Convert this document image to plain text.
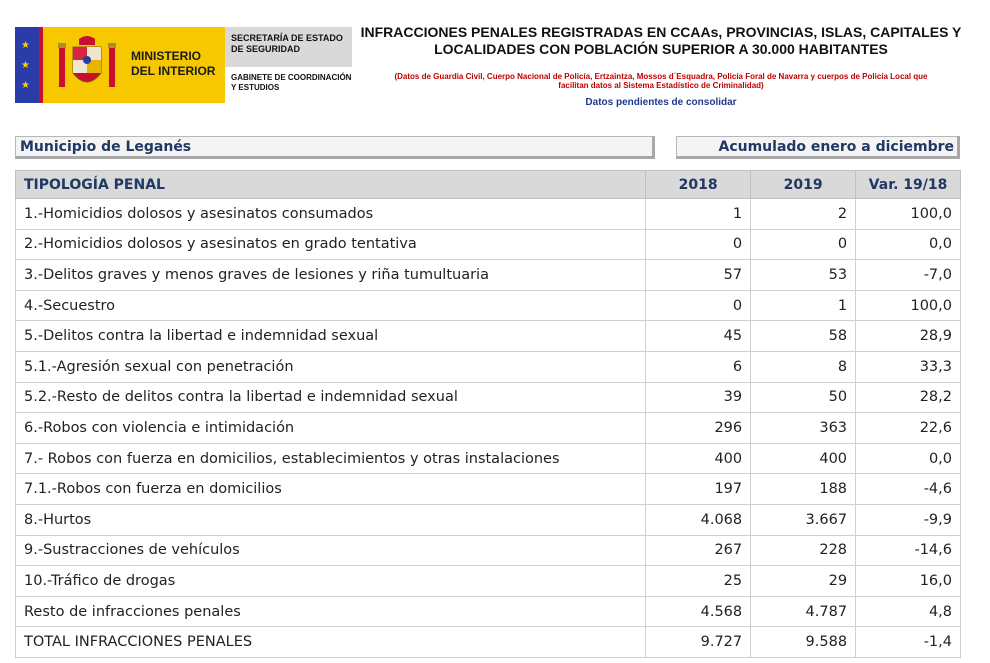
★
★
★
MINISTERIO
DEL INTERIOR
SECRETARÍA DE ESTADO
DE SEGURIDAD
GABINETE DE COORDINACIÓN
Y ESTUDIOS
INFRACCIONES PENALES REGISTRADAS EN CCAAs, PROVINCIAS, ISLAS, CAPITALES Y
LOCALIDADES CON POBLACIÓN SUPERIOR A 30.000 HABITANTES
(Datos de Guardia Civil, Cuerpo Nacional de Policía, Ertzaintza, Mossos d´Esquadra, Policía Foral de Navarra y cuerpos de Policía Local que
facilitan datos al Sistema Estadístico de Criminalidad)
Datos pendientes de consolidar
Municipio de Leganés	Acumulado enero a diciembre
TIPOLOGÍA PENAL	2018	2019	Var. 19/18
1.-Homicidios dolosos y asesinatos consumados	1	2	100,0
2.-Homicidios dolosos y asesinatos en grado tentativa	0	0	0,0
3.-Delitos graves y menos graves de lesiones y riña tumultuaria	57	53	-7,0
4.-Secuestro	0	1	100,0
5.-Delitos contra la libertad e indemnidad sexual	45	58	28,9
5.1.-Agresión sexual con penetración	6	8	33,3
5.2.-Resto de delitos contra la libertad e indemnidad sexual	39	50	28,2
6.-Robos con violencia e intimidación	296	363	22,6
7.- Robos con fuerza en domicilios, establecimientos y otras instalaciones	400	400	0,0
7.1.-Robos con fuerza en domicilios	197	188	-4,6
8.-Hurtos	4.068	3.667	-9,9
9.-Sustracciones de vehículos	267	228	-14,6
10.-Tráfico de drogas	25	29	16,0
Resto de infracciones penales	4.568	4.787	4,8
TOTAL INFRACCIONES PENALES	9.727	9.588	-1,4
